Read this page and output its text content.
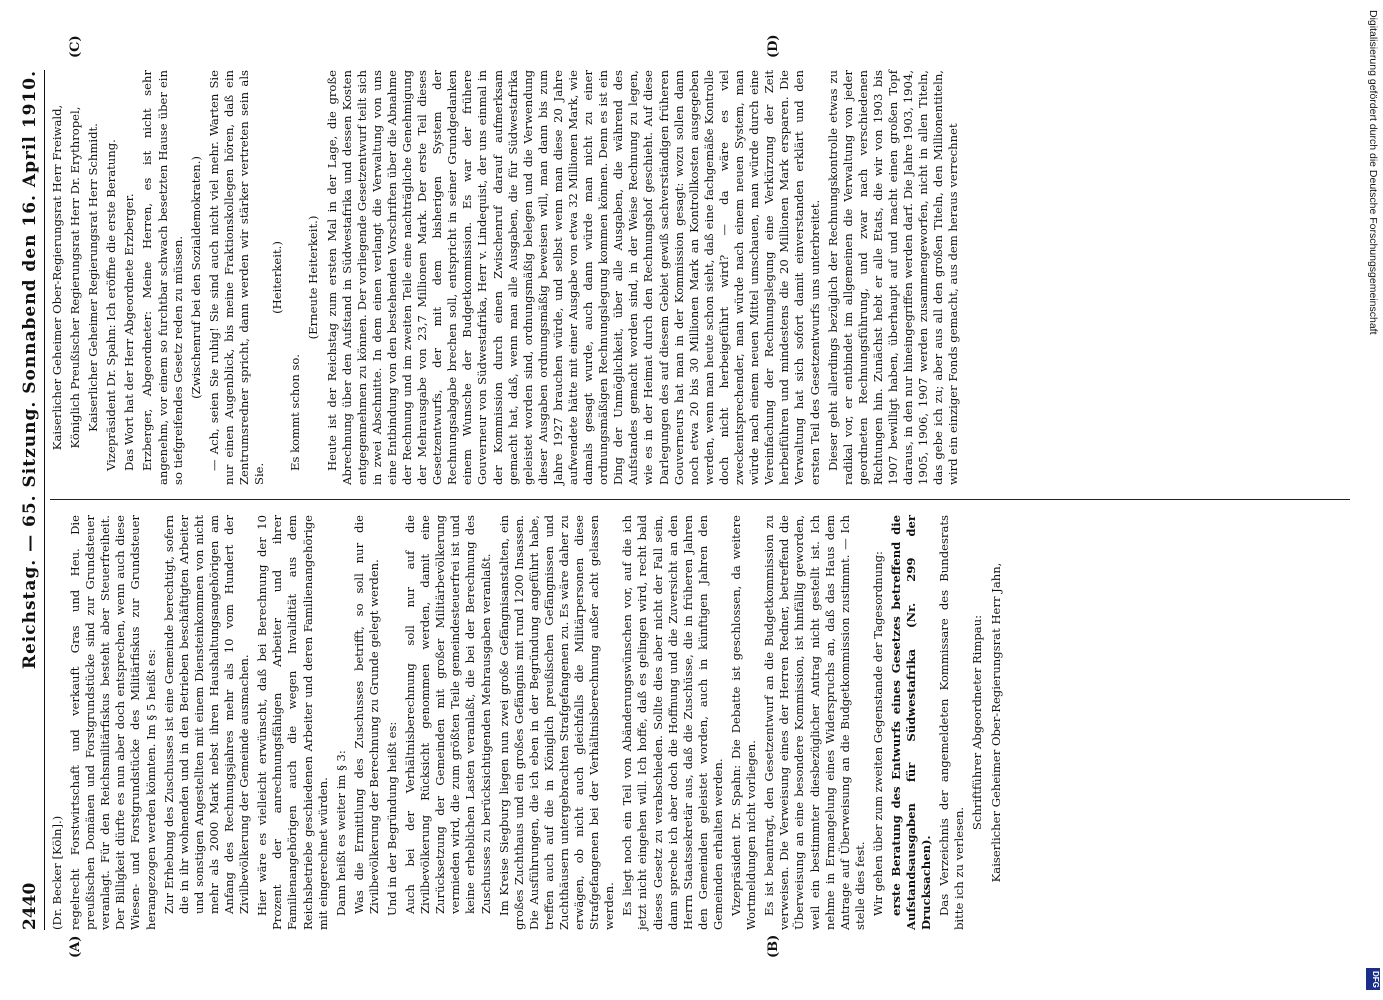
2440
Reichstag. — 65. Sitzung. Sonnabend den 16. April 1910.
(A)	(B)
(C)	(D)

(Dr. Becker [Köln].) regelrecht Forstwirtschaft und verkauft Gras und Heu. Die preußischen Domänen und Forstgrundstücke sind zur Grundsteuer veranlagt. Für den Reichsmilitärfiskus besteht aber Steuerfreiheit. Der Billigkeit dürfte es nun aber doch entsprechen, wenn auch diese Wiesen- und Forstgrundstücke des Militärfiskus zur Grundsteuer herangezogen werden könnten. Im § 5 heißt es: Zur Erhebung des Zuschusses ist eine Gemeinde berechtigt, sofern die in ihr wohnenden und in den Betrieben beschäftigten Arbeiter und sonstigen Angestellten mit einem Diensteinkommen von nicht mehr als 2000 Mark nebst ihren Haushaltungsangehörigen am Anfang des Rechnungsjahres mehr als 10 vom Hundert der Zivilbevölkerung der Gemeinde ausmachen. Hier wäre es vielleicht erwünscht, daß bei Berechnung der 10 Prozent der anrechnungsfähigen Arbeiter und ihrer Familienangehörigen auch die wegen Invalidität aus dem Reichsbetriebe geschiedenen Arbeiter und deren Familienangehörige mit eingerechnet würden. Dann heißt es weiter im § 3: Was die Ermittlung des Zuschusses betrifft, so soll nur die Zivilbevölkerung der Berechnung zu Grunde gelegt werden. Und in der Begründung heißt es: Auch bei der Verhältnisberechnung soll nur auf die Zivilbevölkerung Rücksicht genommen werden, damit eine Zurücksetzung der Gemeinden mit großer Militärbevölkerung vermieden wird, die zum größten Teile gemeindesteuerfrei ist und keine erheblichen Lasten veranlaßt, die bei der Berechnung des Zuschusses zu berücksichtigenden Mehrausgaben veranlaßt. Im Kreise Siegburg liegen nun zwei große Gefängnisanstalten, ein großes Zuchthaus und ein großes Gefängnis mit rund 1200 Insassen. Die Ausführungen, die ich eben in der Begründung angeführt habe, treffen auch auf die in Königlich preußischen Gefängnissen und Zuchthäusern untergebrachten Strafgefangenen zu. Es wäre daher zu erwägen, ob nicht auch gleichfalls die Militärpersonen diese Strafgefangenen bei der Verhältnisberechnung außer acht gelassen werden. Es liegt noch ein Teil von Abänderungswünschen vor, auf die ich jetzt nicht eingehen will. Ich hoffe, daß es gelingen wird, recht bald dieses Gesetz zu verabschieden. Sollte dies aber nicht der Fall sein, dann spreche ich aber doch die Hoffnung und die Zuversicht an den Herrn Staatssekretär aus, daß die Zuschüsse, die in früheren Jahren den Gemeinden geleistet worden, auch in künftigen Jahren den Gemeinden erhalten werden. Vizepräsident Dr. Spahn: Die Debatte ist geschlossen, da weitere Wortmeldungen nicht vorliegen. Es ist beantragt, den Gesetzentwurf an die Budgetkommission zu verweisen. Die Verweisung eines der Herren Redner, betreffend die Überweisung an eine besondere Kommission, ist hinfällig geworden, weil ein bestimmter diesbezüglicher Antrag nicht gestellt ist. Ich nehme in Ermangelung eines Widerspruchs an, daß das Haus dem Antrage auf Überweisung an die Budgetkommission zustimmt. — Ich stelle dies fest. Wir gehen über zum zweiten Gegenstande der Tagesordnung: erste Beratung des Entwurfs eines Gesetzes betreffend die Aufstandsausgaben für Südwestafrika (Nr. 299 der Drucksachen). Das Verzeichnis der angemeldeten Kommissare des Bundesrats bitte ich zu verlesen.

Schriftführer Abgeordneter Rimpau: Kaiserlicher Geheimer Ober-Regierungsrat Herr Jahn,

Kaiserlicher Geheimer Ober-Regierungsrat Herr Freiwald, Königlich Preußischer Regierungsrat Herr Dr. Erythropel, Kaiserlicher Geheimer Regierungsrat Herr Schmidt. Vizepräsident Dr. Spahn: Ich eröffne die erste Beratung. Das Wort hat der Herr Abgeordnete Erzberger. Erzberger, Abgeordneter: Meine Herren, es ist nicht sehr angenehm, vor einem so furchtbar schwach besetzten Hause über ein so tiefgreifendes Gesetz reden zu müssen. (Zwischenruf bei den Sozialdemokraten.) — Ach, seien Sie ruhig! Sie sind auch nicht viel mehr. Warten Sie nur einen Augenblick, bis meine Fraktionskollegen hören, daß ein Zentrumsredner spricht, dann werden wir stärker vertreten sein als Sie.

(Heiterkeit.)

Es kommt schon so.

(Erneute Heiterkeit.) Heute ist der Reichstag zum ersten Mal in der Lage, die große Abrechnung über den Aufstand in Südwestafrika und dessen Kosten entgegennehmen zu können. Der vorliegende Gesetzentwurf teilt sich in zwei Abschnitte. In dem einen verlangt die Verwaltung von uns eine Entbindung von den bestehenden Vorschriften über die Abnahme der Rechnung und im zweiten Teile eine nachträgliche Genehmigung der Mehrausgabe von 23,7 Millionen Mark. Der erste Teil dieses Gesetzentwurfs, der mit dem bisherigen System der Rechnungsabgabe brechen soll, entspricht in seiner Grundgedanken einem Wunsche der Budgetkommission. Es war der frühere Gouverneur von Südwestafrika, Herr v. Lindequist, der uns einmal in der Kommission durch einen Zwischenruf darauf aufmerksam gemacht hat, daß, wenn man alle Ausgaben, die für Südwestafrika geleistet worden sind, ordnungsmäßig belegen und die Verwendung dieser Ausgaben ordnungsmäßig beweisen will, man dann bis zum Jahre 1927 brauchen würde, und selbst wenn man diese 20 Jahre aufwendete hätte mit einer Ausgabe von etwa 32 Millionen Mark, wie damals gesagt wurde, auch dann würde man nicht zu einer ordnungsmäßigen Rechnungslegung kommen können. Denn es ist ein Ding der Unmöglichkeit, über alle Ausgaben, die während des Aufstandes gemacht worden sind, in der Weise Rechnung zu legen, wie es in der Heimat durch den Rechnungshof geschieht. Auf diese Darlegungen des auf diesem Gebiet gewiß sachverständigen früheren Gouverneurs hat man in der Kommission gesagt: wozu sollen dann noch etwa 20 bis 30 Millionen Mark an Kontrollkosten ausgegeben werden, wenn man heute schon sieht, daß eine fachgemäße Kontrolle doch nicht herbeigeführt wird? — da wäre es viel zweckentsprechender, man würde nach einem neuen System, man würde nach einem neuen Mittel umschauen, man würde durch eine Vereinfachung der Rechnungslegung eine Verkürzung der Zeit herbeiführen und mindestens die 20 Millionen Mark ersparen. Die Verwaltung hat sich sofort damit einverstanden erklärt und den ersten Teil des Gesetzentwurfs uns unterbreitet. Dieser geht allerdings bezüglich der Rechnungskontrolle etwas zu radikal vor, er entbindet im allgemeinen die Verwaltung von jeder geordneten Rechnungsführung, und zwar nach verschiedenen Richtungen hin. Zunächst hebt er alle Etats, die wir von 1903 bis 1907 bewilligt haben, überhaupt auf und macht einen großen Topf daraus, in den nur hineingegriffen werden darf. Die Jahre 1903, 1904, 1905, 1906, 1907 werden zusammengeworfen, nicht in allen Titeln, das gebe ich zu; aber aus all den großen Titeln, den Millionentiteln, wird ein einziger Fonds gemacht, aus dem heraus verrechnet	Digitalisierung gefördert durch die Deutsche Forschungsgemeinschaft
DFG
